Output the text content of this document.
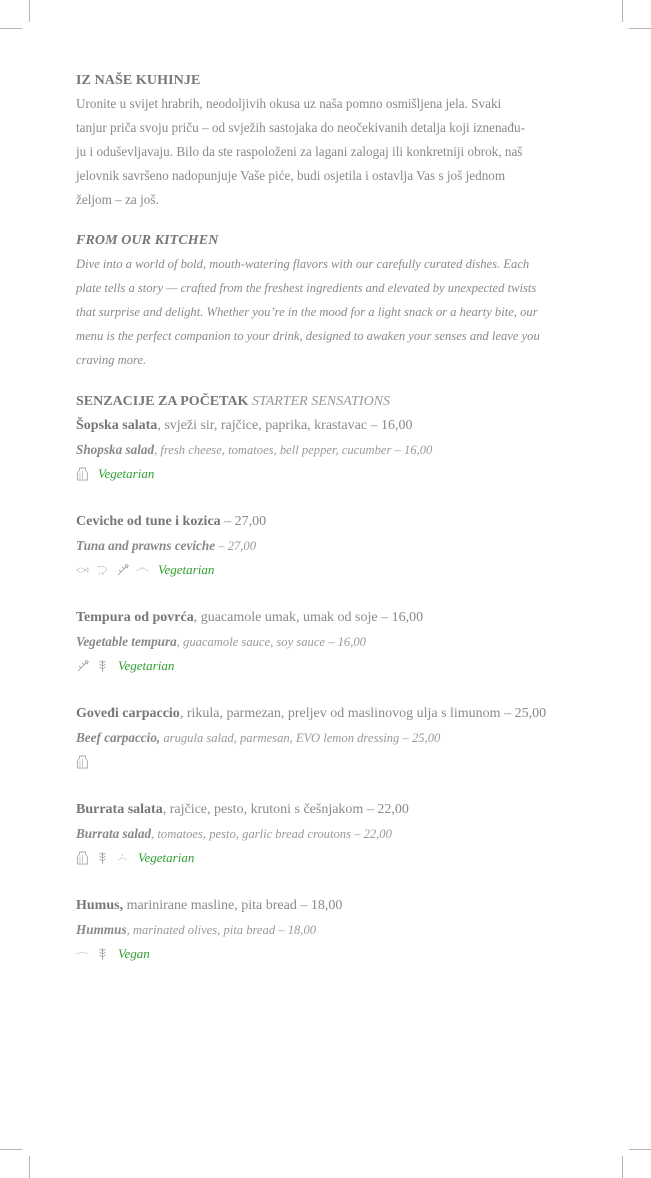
IZ NAŠE KUHINJE
Uronite u svijet hrabrih, neodoljivih okusa uz naša pomno osmišljena jela. Svaki
tanjur priča svoju priču – od svježih sastojaka do neočekivanih detalja koji iznenađu-
ju i oduševljavaju. Bilo da ste raspoloženi za lagani zalogaj ili konkretniji obrok, naš
jelovnik savršeno nadopunjuje Vaše piće, budi osjetila i ostavlja Vas s još jednom
željom – za još.
FROM OUR KITCHEN
Dive into a world of bold, mouth-watering flavors with our carefully curated dishes. Each
plate tells a story — crafted from the freshest ingredients and elevated by unexpected twists
that surprise and delight. Whether you’re in the mood for a light snack or a hearty bite, our
menu is the perfect companion to your drink, designed to awaken your senses and leave you
craving more.
SENZACIJE ZA POČETAK STARTER SENSATIONS
Šopska salata, svježi sir, rajčice, paprika, krastavac – 16,00
Shopska salad, fresh cheese, tomatoes, bell pepper, cucumber – 16,00
Vegetarian
Ceviche od tune i kozica – 27,00
Tuna and prawns ceviche – 27,00
Vegetarian
Tempura od povrća, guacamole umak, umak od soje – 16,00
Vegetable tempura, guacamole sauce, soy sauce – 16,00
Vegetarian
Goveđi carpaccio, rikula, parmezan, preljev od maslinovog ulja s limunom – 25,00
Beef carpaccio, arugula salad, parmesan, EVO lemon dressing – 25,00
Burrata salata, rajčice, pesto, krutoni s češnjakom – 22,00
Burrata salad, tomatoes, pesto, garlic bread croutons – 22,00
Vegetarian
Humus, marinirane masline, pita bread – 18,00
Hummus, marinated olives, pita bread – 18,00
Vegan
